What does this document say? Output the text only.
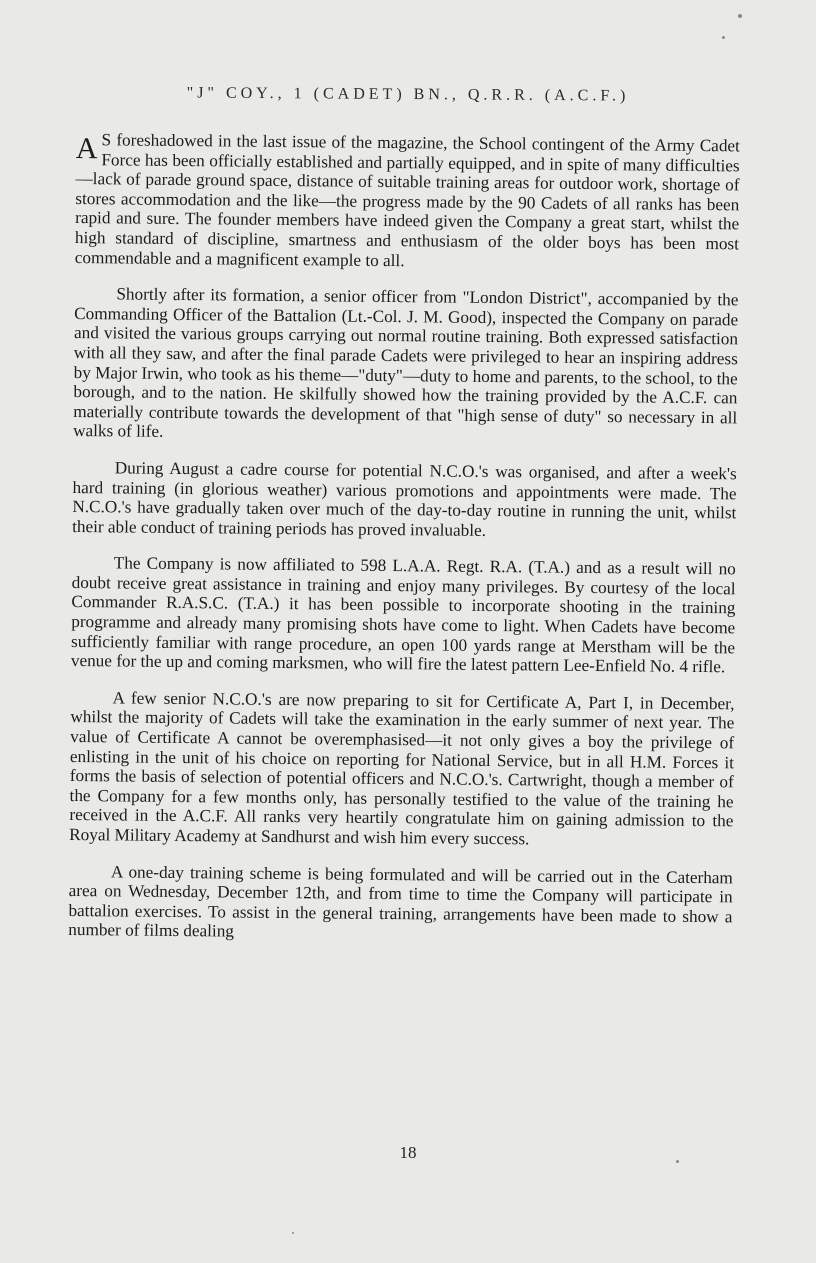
"J" COY., 1 (CADET) BN., Q.R.R. (A.C.F.)

A S foreshadowed in the last issue of the magazine, the School contingent of the Army Cadet Force has been officially established and partially equipped, and in spite of many difficulties—lack of parade ground space, distance of suitable training areas for outdoor work, shortage of stores accommodation and the like—the progress made by the 90 Cadets of all ranks has been rapid and sure. The founder members have indeed given the Company a great start, whilst the high standard of discipline, smartness and enthusiasm of the older boys has been most commendable and a magnificent example to all.

Shortly after its formation, a senior officer from "London District", accompanied by the Commanding Officer of the Battalion (Lt.-Col. J. M. Good), inspected the Company on parade and visited the various groups carrying out normal routine training. Both expressed satisfaction with all they saw, and after the final parade Cadets were privileged to hear an inspiring address by Major Irwin, who took as his theme—"duty"—duty to home and parents, to the school, to the borough, and to the nation. He skilfully showed how the training provided by the A.C.F. can materially contribute towards the development of that "high sense of duty" so necessary in all walks of life.

During August a cadre course for potential N.C.O.'s was organised, and after a week's hard training (in glorious weather) various promotions and appointments were made. The N.C.O.'s have gradually taken over much of the day-to-day routine in running the unit, whilst their able conduct of training periods has proved invaluable.

The Company is now affiliated to 598 L.A.A. Regt. R.A. (T.A.) and as a result will no doubt receive great assistance in training and enjoy many privileges. By courtesy of the local Commander R.A.S.C. (T.A.) it has been possible to incorporate shooting in the training programme and already many promising shots have come to light. When Cadets have become sufficiently familiar with range procedure, an open 100 yards range at Merstham will be the venue for the up and coming marksmen, who will fire the latest pattern Lee-Enfield No. 4 rifle.

A few senior N.C.O.'s are now preparing to sit for Certificate A, Part I, in December, whilst the majority of Cadets will take the examination in the early summer of next year. The value of Certificate A cannot be overemphasised—it not only gives a boy the privilege of enlisting in the unit of his choice on reporting for National Service, but in all H.M. Forces it forms the basis of selection of potential officers and N.C.O.'s. Cartwright, though a member of the Company for a few months only, has personally testified to the value of the training he received in the A.C.F. All ranks very heartily congratulate him on gaining admission to the Royal Military Academy at Sandhurst and wish him every success.

A one-day training scheme is being formulated and will be carried out in the Caterham area on Wednesday, December 12th, and from time to time the Company will participate in battalion exercises. To assist in the general training, arrangements have been made to show a number of films dealing

18
